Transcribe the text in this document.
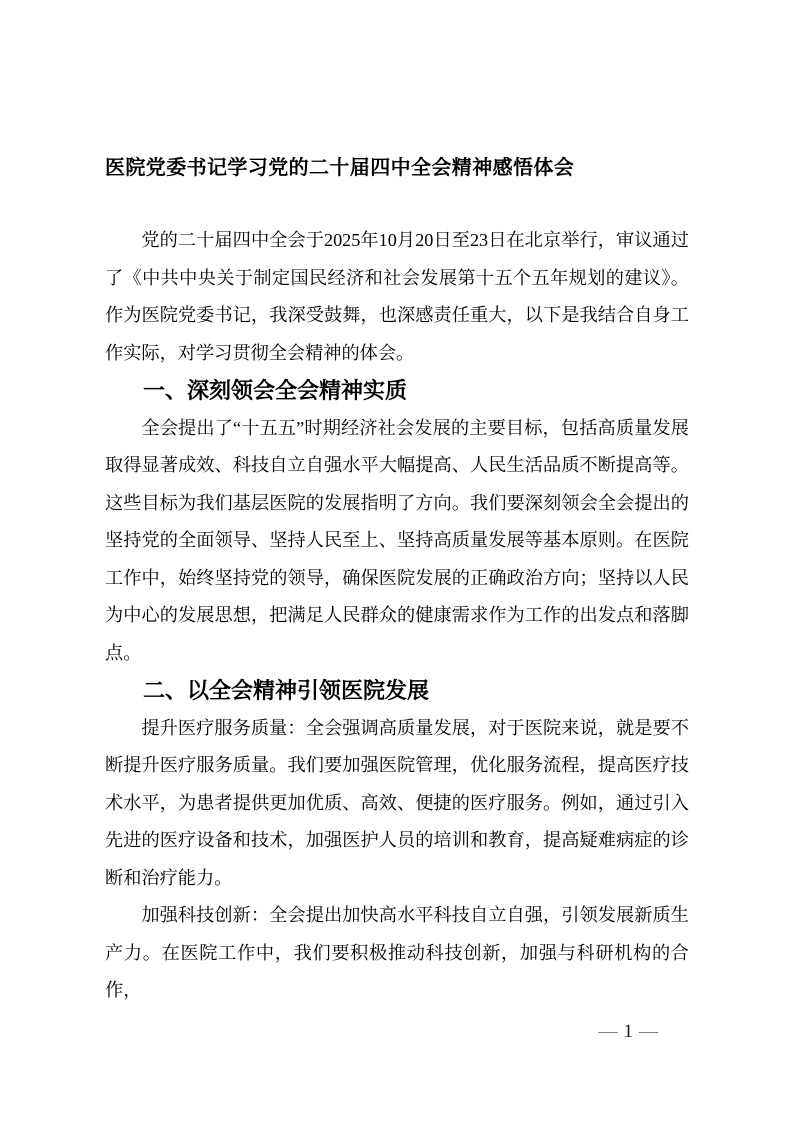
医院党委书记学习党的二十届四中全会精神感悟体会

党的二十届四中全会于2025年10月20日至23日在北京举行，审议通过了《中共中央关于制定国民经济和社会发展第十五个五年规划的建议》。作为医院党委书记，我深受鼓舞，也深感责任重大，以下是我结合自身工作实际，对学习贯彻全会精神的体会。

一、深刻领会全会精神实质

全会提出了“十五五”时期经济社会发展的主要目标，包括高质量发展取得显著成效、科技自立自强水平大幅提高、人民生活品质不断提高等。这些目标为我们基层医院的发展指明了方向。我们要深刻领会全会提出的坚持党的全面领导、坚持人民至上、坚持高质量发展等基本原则。在医院工作中，始终坚持党的领导，确保医院发展的正确政治方向；坚持以人民为中心的发展思想，把满足人民群众的健康需求作为工作的出发点和落脚点。

二、以全会精神引领医院发展

提升医疗服务质量：全会强调高质量发展，对于医院来说，就是要不断提升医疗服务质量。我们要加强医院管理，优化服务流程，提高医疗技术水平，为患者提供更加优质、高效、便捷的医疗服务。例如，通过引入先进的医疗设备和技术，加强医护人员的培训和教育，提高疑难病症的诊断和治疗能力。

加强科技创新：全会提出加快高水平科技自立自强，引领发展新质生产力。在医院工作中，我们要积极推动科技创新，加强与科研机构的合作，

— 1 —
